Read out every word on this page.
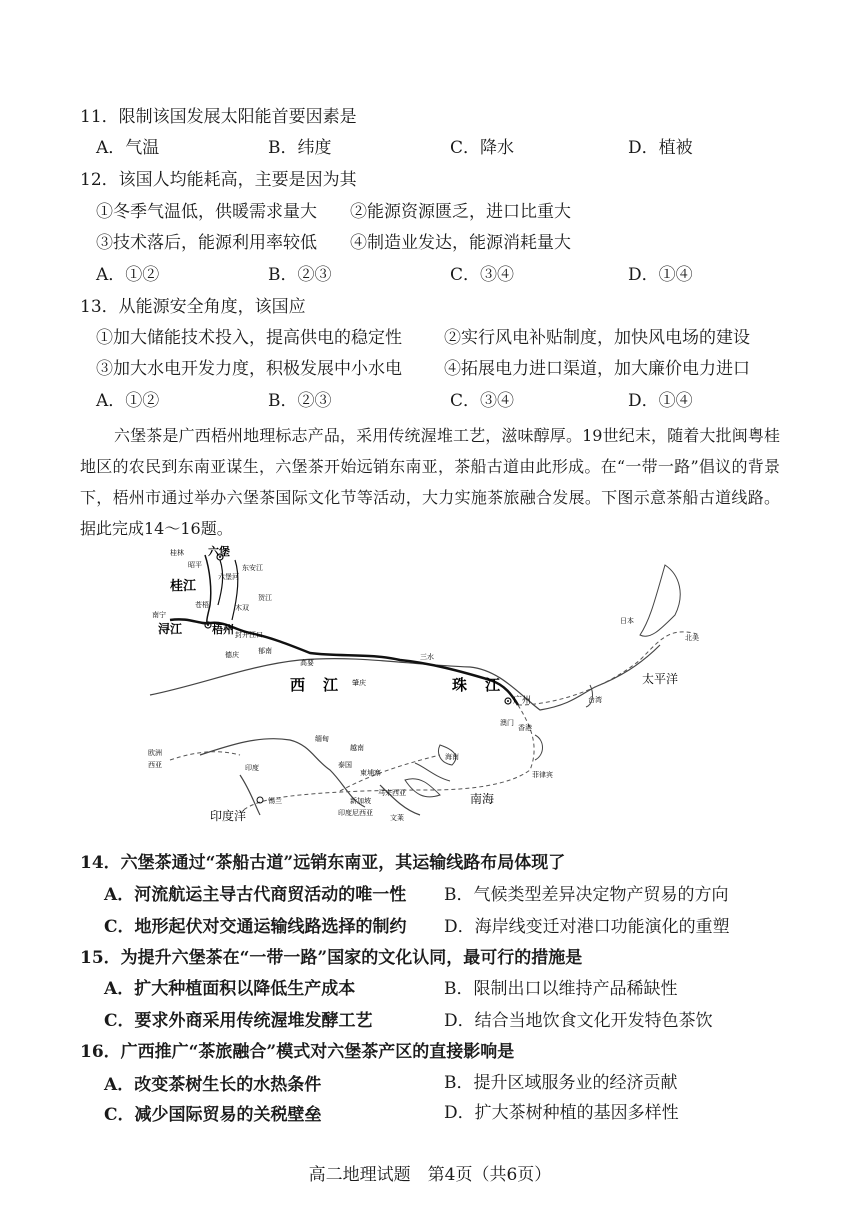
11．限制该国发展太阳能首要因素是
A．气温	B．纬度	C．降水	D．植被
12．该国人均能耗高，主要是因为其
①冬季气温低，供暖需求量大 ②能源资源匮乏，进口比重大
③技术落后，能源利用率较低 ④制造业发达，能源消耗量大
A．①②	B．②③	C．③④	D．①④
13．从能源安全角度，该国应
①加大储能技术投入，提高供电的稳定性 ②实行风电补贴制度，加快风电场的建设
③加大水电开发力度，积极发展中小水电 ④拓展电力进口渠道，加大廉价电力进口
A．①②	B．②③	C．③④	D．①④
六堡茶是广西梧州地理标志产品，采用传统渥堆工艺，滋味醇厚。19世纪末，随着大批闽粤桂地区的农民到东南亚谋生，六堡茶开始远销东南亚，茶船古道由此形成。在“一带一路”倡议的背景下，梧州市通过举办六堡茶国际文化节等活动，大力实施茶旅融合发展。下图示意茶船古道线路。据此完成14～16题。
六堡
桂江
梧州
西江	珠江
广州
太平洋
南海
印度洋
浔江
东安江
六堡河
贺江
三水
肇庆
香港
澳门
日本
北美
台湾
海南
越南
泰国
柬埔寨	菲律宾
新加坡
马来西亚
印度尼西亚
文莱
缅甸
印度
锡兰
欧洲
西亚
南宁
封开江口
德庆	郁南
高要
桂林
昭平
苍梧	木双
14．六堡茶通过“茶船古道”远销东南亚，其运输线路布局体现了
A．河流航运主导古代商贸活动的唯一性 B．气候类型差异决定物产贸易的方向
C．地形起伏对交通运输线路选择的制约 D．海岸线变迁对港口功能演化的重塑
15．为提升六堡茶在“一带一路”国家的文化认同，最可行的措施是
A．扩大种植面积以降低生产成本	B．限制出口以维持产品稀缺性
C．要求外商采用传统渥堆发酵工艺	D．结合当地饮食文化开发特色茶饮
16．广西推广“茶旅融合”模式对六堡茶产区的直接影响是
A．改变茶树生长的水热条件	B．提升区域服务业的经济贡献
C．减少国际贸易的关税壁垒	D．扩大茶树种植的基因多样性
高二地理试题　第4页（共6页）
